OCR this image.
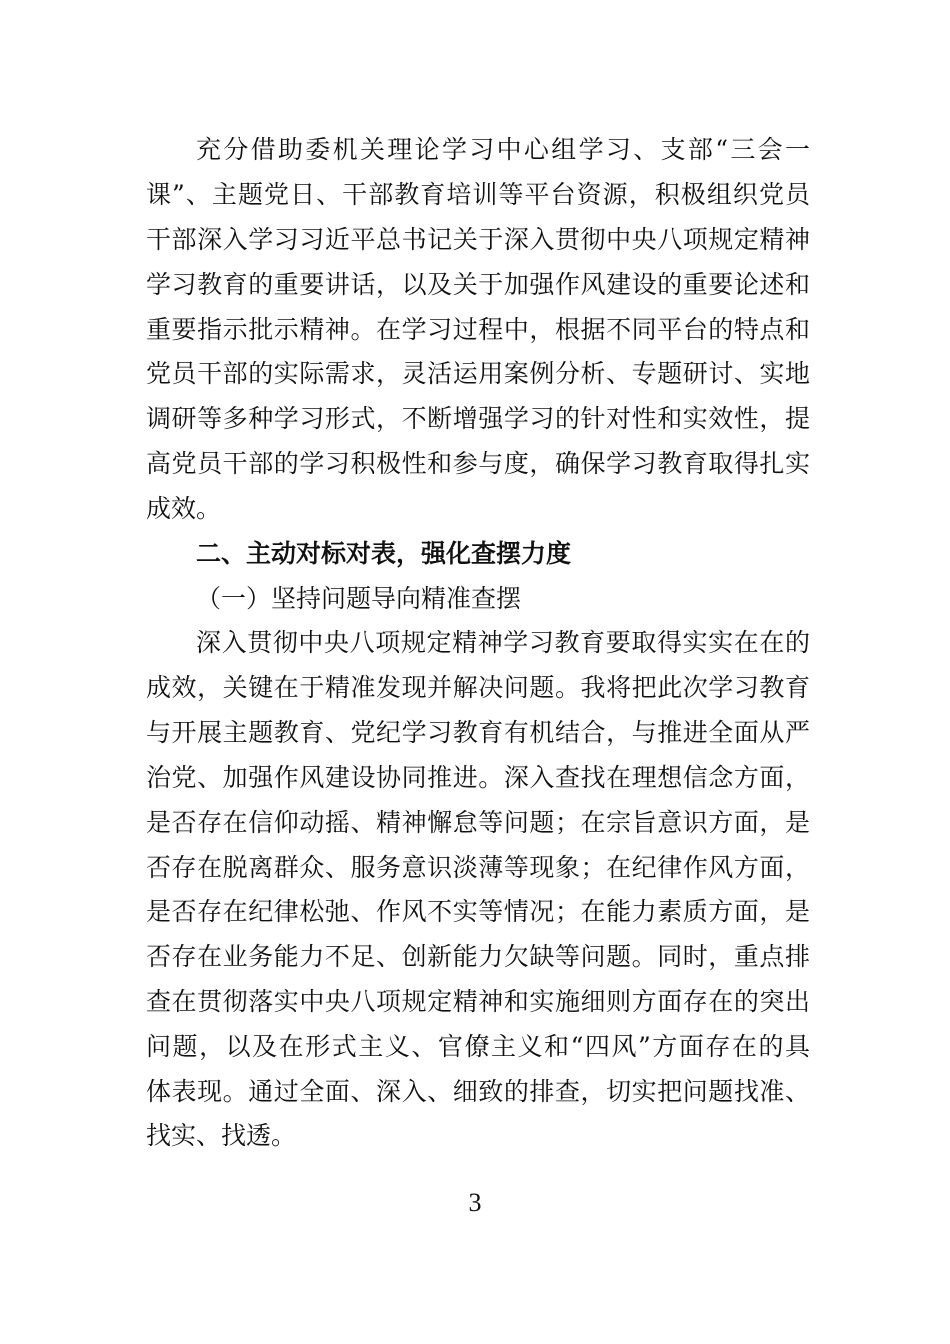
充分借助委机关理论学习中心组学习、支部“三会一
课”、主题党日、干部教育培训等平台资源，积极组织党员
干部深入学习习近平总书记关于深入贯彻中央八项规定精神
学习教育的重要讲话，以及关于加强作风建设的重要论述和
重要指示批示精神。在学习过程中，根据不同平台的特点和
党员干部的实际需求，灵活运用案例分析、专题研讨、实地
调研等多种学习形式，不断增强学习的针对性和实效性，提
高党员干部的学习积极性和参与度，确保学习教育取得扎实
成效。
二、主动对标对表，强化查摆力度
（一）坚持问题导向精准查摆
深入贯彻中央八项规定精神学习教育要取得实实在在的
成效，关键在于精准发现并解决问题。我将把此次学习教育
与开展主题教育、党纪学习教育有机结合，与推进全面从严
治党、加强作风建设协同推进。深入查找在理想信念方面，
是否存在信仰动摇、精神懈怠等问题；在宗旨意识方面，是
否存在脱离群众、服务意识淡薄等现象；在纪律作风方面，
是否存在纪律松弛、作风不实等情况；在能力素质方面，是
否存在业务能力不足、创新能力欠缺等问题。同时，重点排
查在贯彻落实中央八项规定精神和实施细则方面存在的突出
问题，以及在形式主义、官僚主义和“四风”方面存在的具
体表现。通过全面、深入、细致的排查，切实把问题找准、
找实、找透。
3
